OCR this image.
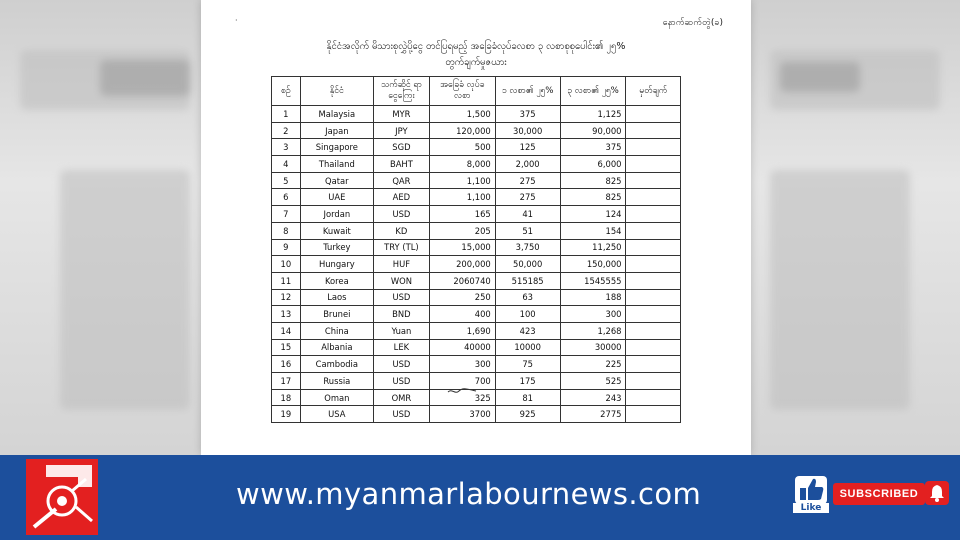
·	နောက်ဆက်တွဲ(ခ)
နိုင်ငံအလိုက် မိသားစုလွှဲပို့ငွေ တင်ပြရမည့် အခြေခံလုပ်ခလစာ ၃ လစာစုစုပေါင်း၏ ၂၅%
တွက်ချက်မှုဇယား
စဉ်	နိုင်ငံ	သက်ဆိုင် ရာငွေကြေး	အခြေခံ လုပ်ခလစာ	၁ လစာ၏ ၂၅%	၃ လစာ၏ ၂၅%	မှတ်ချက်
1	Malaysia	MYR	1,500	375	1,125	
2	Japan	JPY	120,000	30,000	90,000	
3	Singapore	SGD	500	125	375	
4	Thailand	BAHT	8,000	2,000	6,000	
5	Qatar	QAR	1,100	275	825	
6	UAE	AED	1,100	275	825	
7	Jordan	USD	165	41	124	
8	Kuwait	KD	205	51	154	
9	Turkey	TRY (TL)	15,000	3,750	11,250	
10	Hungary	HUF	200,000	50,000	150,000	
11	Korea	WON	2060740	515185	1545555	
12	Laos	USD	250	63	188	
13	Brunei	BND	400	100	300	
14	China	Yuan	1,690	423	1,268	
15	Albania	LEK	40000	10000	30000	
16	Cambodia	USD	300	75	225	
17	Russia	USD	700	175	525	
18	Oman	OMR	325	81	243	
19	USA	USD	3700	925	2775	
www.myanmarlabournews.com	Like
SUBSCRIBED
